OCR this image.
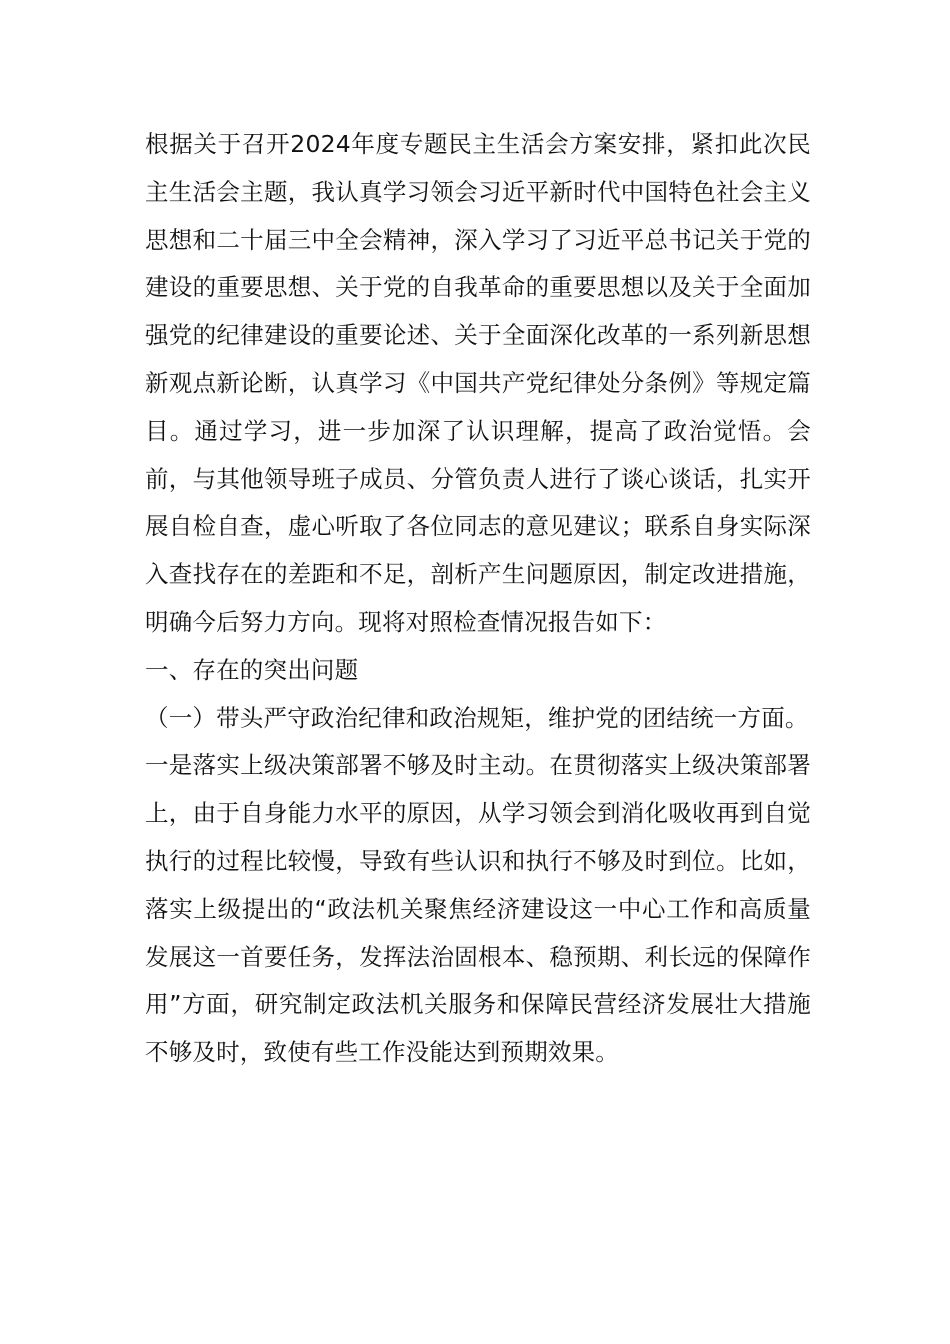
根据关于召开2024年度专题民主生活会方案安排，紧扣此次民主生活会主题，我认真学习领会习近平新时代中国特色社会主义思想和二十届三中全会精神，深入学习了习近平总书记关于党的建设的重要思想、关于党的自我革命的重要思想以及关于全面加强党的纪律建设的重要论述、关于全面深化改革的一系列新思想新观点新论断，认真学习《中国共产党纪律处分条例》等规定篇目。通过学习，进一步加深了认识理解，提高了政治觉悟。会前，与其他领导班子成员、分管负责人进行了谈心谈话，扎实开展自检自查，虚心听取了各位同志的意见建议；联系自身实际深入查找存在的差距和不足，剖析产生问题原因，制定改进措施，明确今后努力方向。现将对照检查情况报告如下：

一、存在的突出问题

（一）带头严守政治纪律和政治规矩，维护党的团结统一方面。

一是落实上级决策部署不够及时主动。在贯彻落实上级决策部署上，由于自身能力水平的原因，从学习领会到消化吸收再到自觉执行的过程比较慢，导致有些认识和执行不够及时到位。比如，落实上级提出的“政法机关聚焦经济建设这一中心工作和高质量发展这一首要任务，发挥法治固根本、稳预期、利长远的保障作用”方面，研究制定政法机关服务和保障民营经济发展壮大措施不够及时，致使有些工作没能达到预期效果。
